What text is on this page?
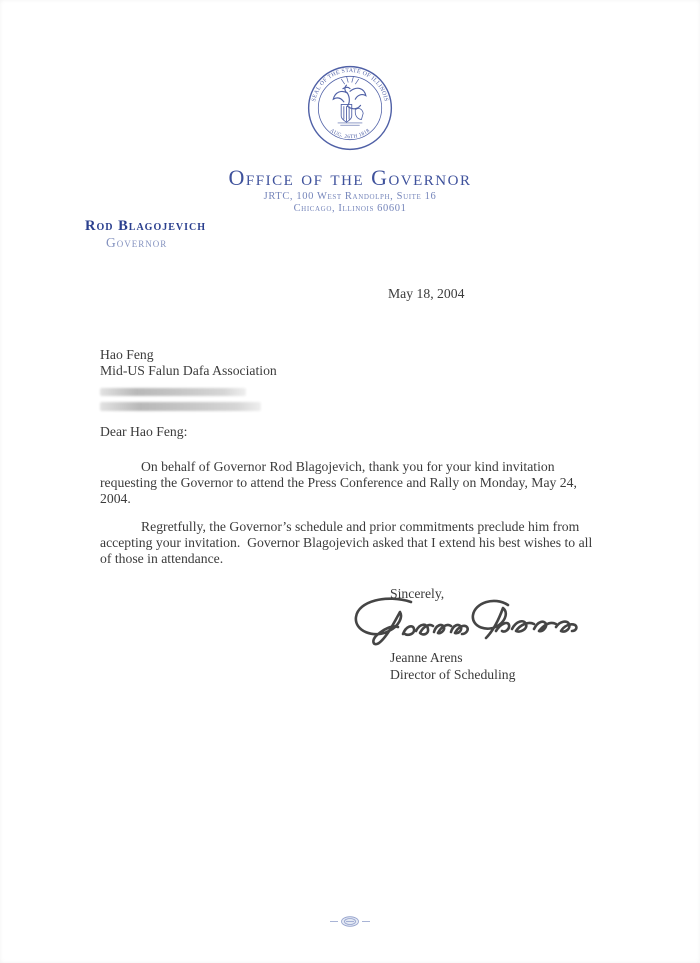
SEAL OF THE STATE OF ILLINOIS
AUG. 26TH 1818
Office of the Governor
JRTC, 100 West Randolph, Suite 16
Chicago, Illinois 60601
Rod Blagojevich
Governor
May 18, 2004
Hao Feng
Mid-US Falun Dafa Association
Dear Hao Feng:

On behalf of Governor Rod Blagojevich, thank you for your kind invitation requesting the Governor to attend the Press Conference and Rally on Monday, May 24, 2004.

Regretfully, the Governor’s schedule and prior commitments preclude him from accepting your invitation.  Governor Blagojevich asked that I extend his best wishes to all of those in attendance.

Sincerely,
Jeanne Arens
Director of Scheduling
